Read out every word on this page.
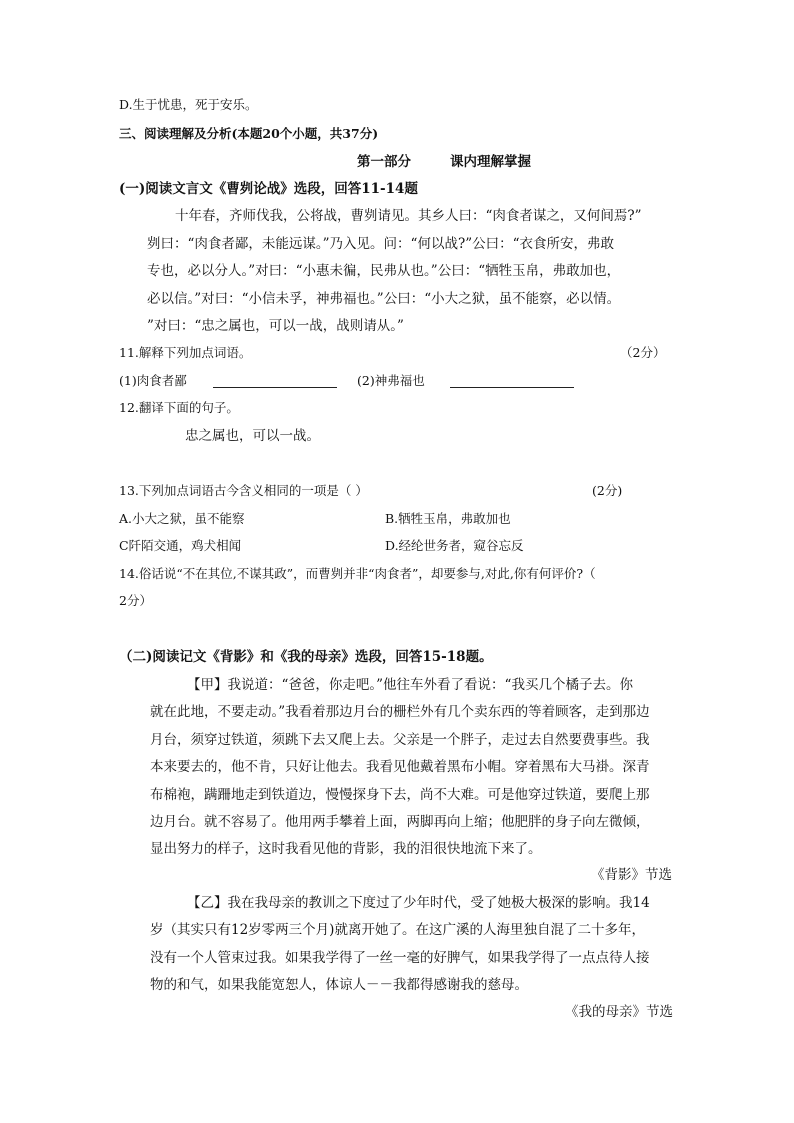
D.生于忧患，死于安乐。
三、阅读理解及分析(本题20个小题，共37分)
第一部分	课内理解掌握
(一)阅读文言文《曹刿论战》选段，回答11-14题
十年春，齐师伐我，公将战，曹刿请见。其乡人曰：“肉食者谋之，又何间焉?”
刿曰：“肉食者鄙，未能远谋。”乃入见。问：“何以战?”公曰：“衣食所安，弗敢
专也，必以分人。”对曰：“小惠未徧，民弗从也。”公曰：“牺牲玉帛，弗敢加也，
必以信。”对曰：“小信未孚，神弗福也。”公曰：“小大之狱，虽不能察，必以情。
”对曰：“忠之属也，可以一战，战则请从。”
11.解释下列加点词语。	（2分）
(1)肉食者鄙	(2)神弗福也
12.翻译下面的句子。
忠之属也，可以一战。
13.下列加点词语古今含义相同的一项是（ ）	(2分)
A.小大之狱，虽不能察	B.牺牲玉帛，弗敢加也
C阡陌交通，鸡犬相闻	D.经纶世务者，窥谷忘反
14.俗话说“不在其位,不谋其政”，而曹刿并非“肉食者”，却要参与,对此,你有何评价?（
2分）
（二)阅读记文《背影》和《我的母亲》选段，回答15-18题。
【甲】我说道：“爸爸，你走吧。”他往车外看了看说：“我买几个橘子去。你
就在此地，不要走动。”我看着那边月台的栅栏外有几个卖东西的等着顾客，走到那边
月台，须穿过铁道，须跳下去又爬上去。父亲是一个胖子，走过去自然要费事些。我
本来要去的，他不肯，只好让他去。我看见他戴着黑布小帽。穿着黑布大马褂。深青
布棉袍，蹒跚地走到铁道边，慢慢探身下去，尚不大难。可是他穿过铁道，要爬上那
边月台。就不容易了。他用两手攀着上面，两脚再向上缩；他肥胖的身子向左微倾，
显出努力的样子，这时我看见他的背影，我的泪很快地流下来了。
《背影》节选
【乙】我在我母亲的教训之下度过了少年时代，受了她极大极深的影响。我14
岁（其实只有12岁零两三个月)就离开她了。在这广溪的人海里独自混了二十多年，
没有一个人管束过我。如果我学得了一丝一毫的好脾气，如果我学得了一点点待人接
物的和气，如果我能宽恕人，体谅人－－我都得感谢我的慈母。
《我的母亲》节选
